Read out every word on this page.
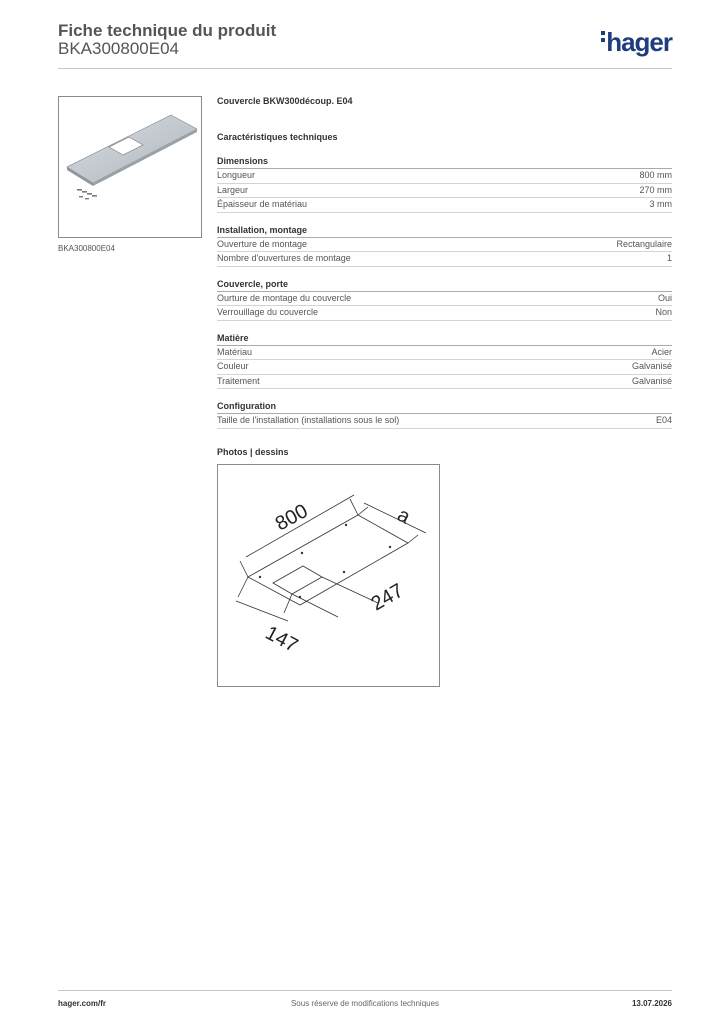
Fiche technique du produit
BKA300800E04	hager
BKA300800E04
Couvercle BKW300découp. E04
Caractéristiques techniques
Dimensions
Longueur	800 mm
Largeur	270 mm
Épaisseur de matériau	3 mm
Installation, montage
Ouverture de montage	Rectangulaire
Nombre d'ouvertures de montage	1
Couvercle, porte
Ourture de montage du couvercle	Oui
Verrouillage du couvercle	Non
Matière
Matériau	Acier
Couleur	Galvanisé
Traitement	Galvanisé
Configuration
Taille de l'installation (installations sous le sol)	E04
Photos | dessins
800	a
247
147
hager.com/fr	Sous réserve de modifications techniques	13.07.2026
